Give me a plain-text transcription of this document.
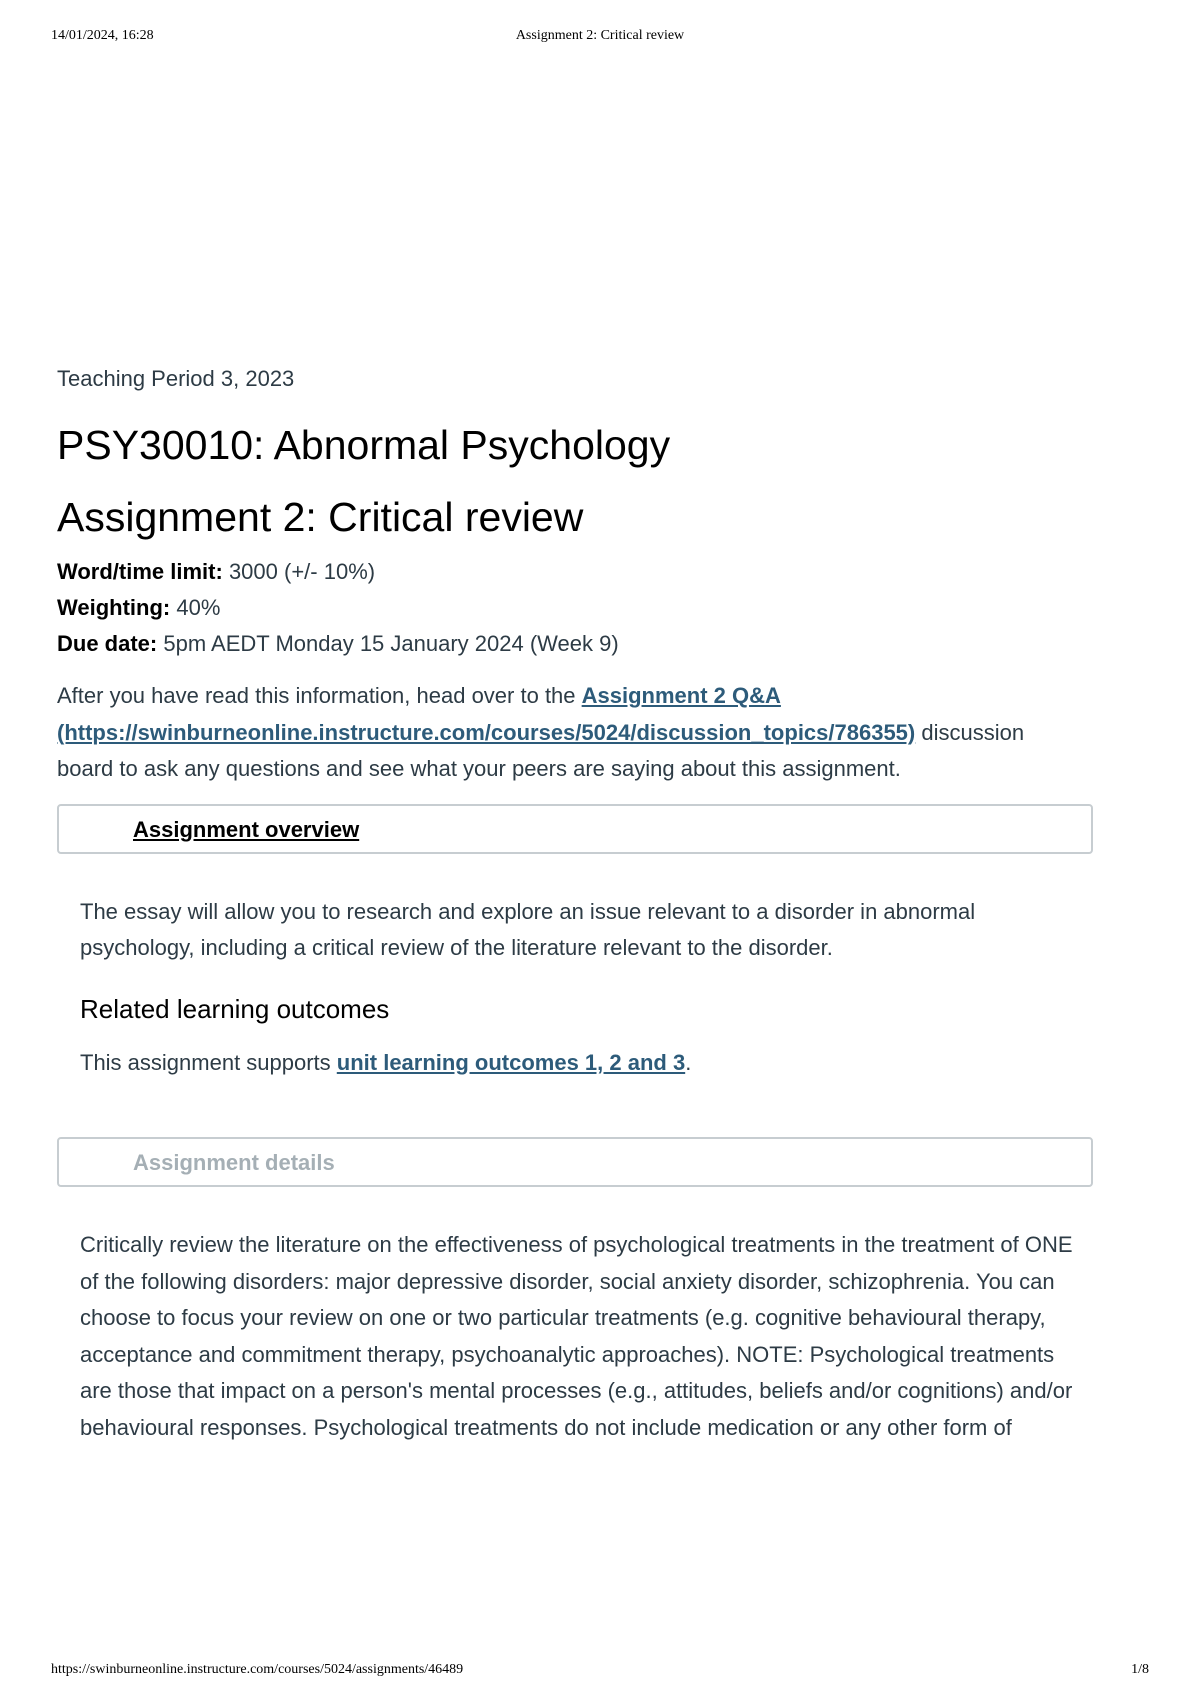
14/01/2024, 16:28	Assignment 2: Critical review
Teaching Period 3, 2023
PSY30010: Abnormal Psychology
Assignment 2: Critical review
Word/time limit: 3000 (+/- 10%)
Weighting: 40%
Due date: 5pm AEDT Monday 15 January 2024 (Week 9)

After you have read this information, head over to the Assignment 2 Q&A
(https://swinburneonline.instructure.com/courses/5024/discussion_topics/786355) discussion board to ask any questions and see what your peers are saying about this assignment.

Assignment overview

The essay will allow you to research and explore an issue relevant to a disorder in abnormal psychology, including a critical review of the literature relevant to the disorder.

Related learning outcomes

This assignment supports unit learning outcomes 1, 2 and 3.

Assignment details

Critically review the literature on the effectiveness of psychological treatments in the treatment of ONE of the following disorders: major depressive disorder, social anxiety disorder, schizophrenia. You can choose to focus your review on one or two particular treatments (e.g. cognitive behavioural therapy, acceptance and commitment therapy, psychoanalytic approaches). NOTE: Psychological treatments are those that impact on a person's mental processes (e.g., attitudes, beliefs and/or cognitions) and/or behavioural responses. Psychological treatments do not include medication or any other form of

https://swinburneonline.instructure.com/courses/5024/assignments/46489	1/8
